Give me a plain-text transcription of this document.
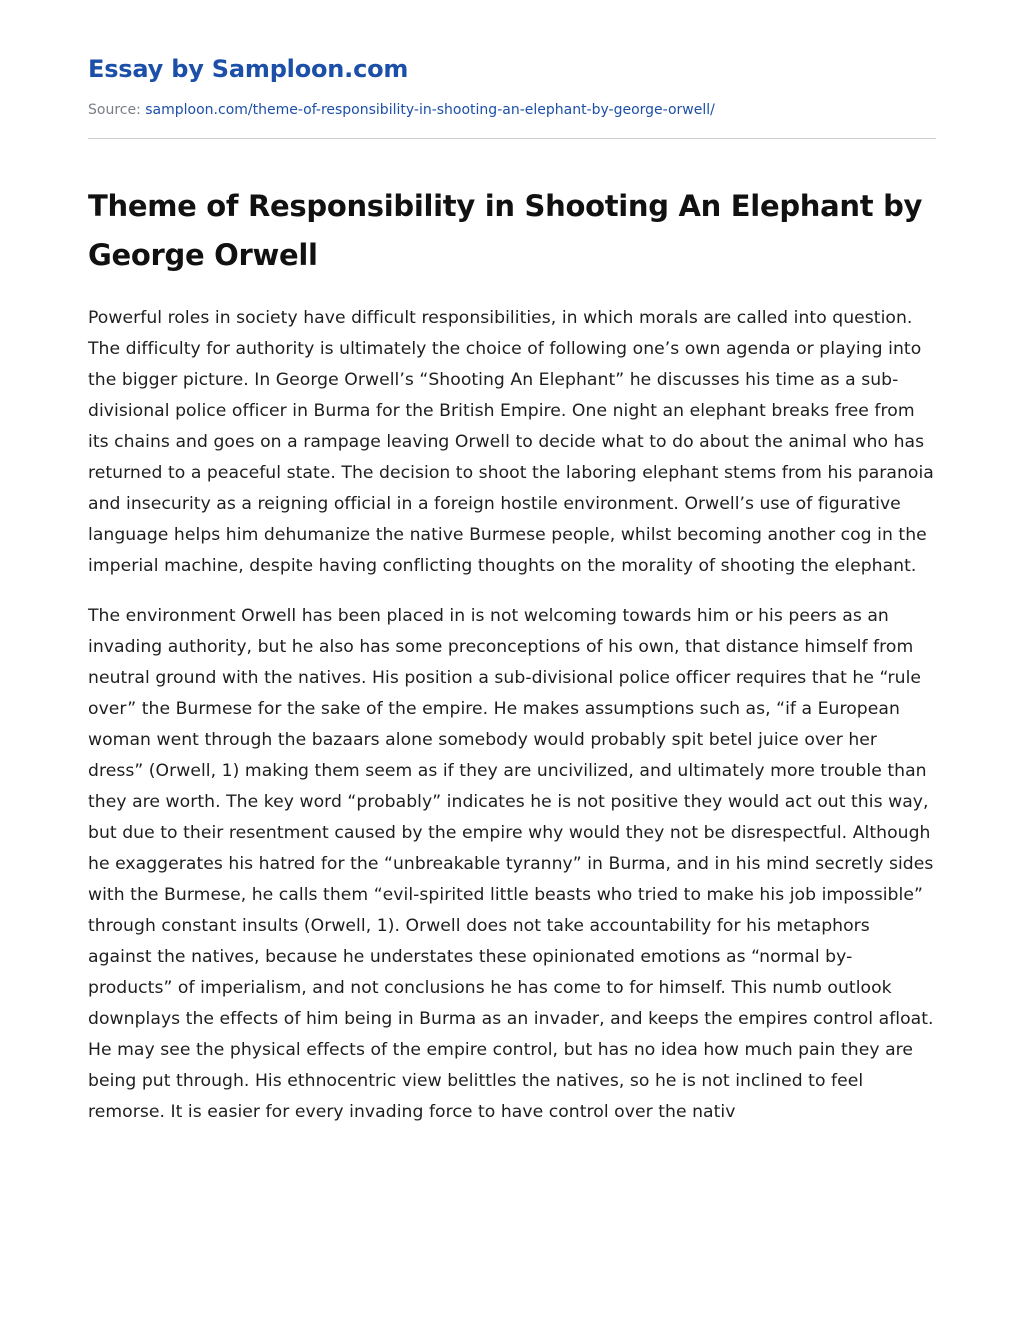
Essay by Samploon.com
Source: samploon.com/theme-of-responsibility-in-shooting-an-elephant-by-george-orwell/
Theme of Responsibility in Shooting An Elephant by George Orwell

Powerful roles in society have difficult responsibilities, in which morals are called into question. The difficulty for authority is ultimately the choice of following one’s own agenda or playing into the bigger picture. In George Orwell’s “Shooting An Elephant” he discusses his time as a sub-divisional police officer in Burma for the British Empire. One night an elephant breaks free from its chains and goes on a rampage leaving Orwell to decide what to do about the animal who has returned to a peaceful state. The decision to shoot the laboring elephant stems from his paranoia and insecurity as a reigning official in a foreign hostile environment. Orwell’s use of figurative language helps him dehumanize the native Burmese people, whilst becoming another cog in the imperial machine, despite having conflicting thoughts on the morality of shooting the elephant.

The environment Orwell has been placed in is not welcoming towards him or his peers as an invading authority, but he also has some preconceptions of his own, that distance himself from neutral ground with the natives. His position a sub-divisional police officer requires that he “rule over” the Burmese for the sake of the empire. He makes assumptions such as, “if a European woman went through the bazaars alone somebody would probably spit betel juice over her dress” (Orwell, 1) making them seem as if they are uncivilized, and ultimately more trouble than they are worth. The key word “probably” indicates he is not positive they would act out this way, but due to their resentment caused by the empire why would they not be disrespectful. Although he exaggerates his hatred for the “unbreakable tyranny” in Burma, and in his mind secretly sides with the Burmese, he calls them “evil-spirited little beasts who tried to make his job impossible” through constant insults (Orwell, 1). Orwell does not take accountability for his metaphors against the natives, because he understates these opinionated emotions as “normal by-products” of imperialism, and not conclusions he has come to for himself. This numb outlook downplays the effects of him being in Burma as an invader, and keeps the empires control afloat. He may see the physical effects of the empire control, but has no idea how much pain they are being put through. His ethnocentric view belittles the natives, so he is not inclined to feel remorse. It is easier for every invading force to have control over the nativ
